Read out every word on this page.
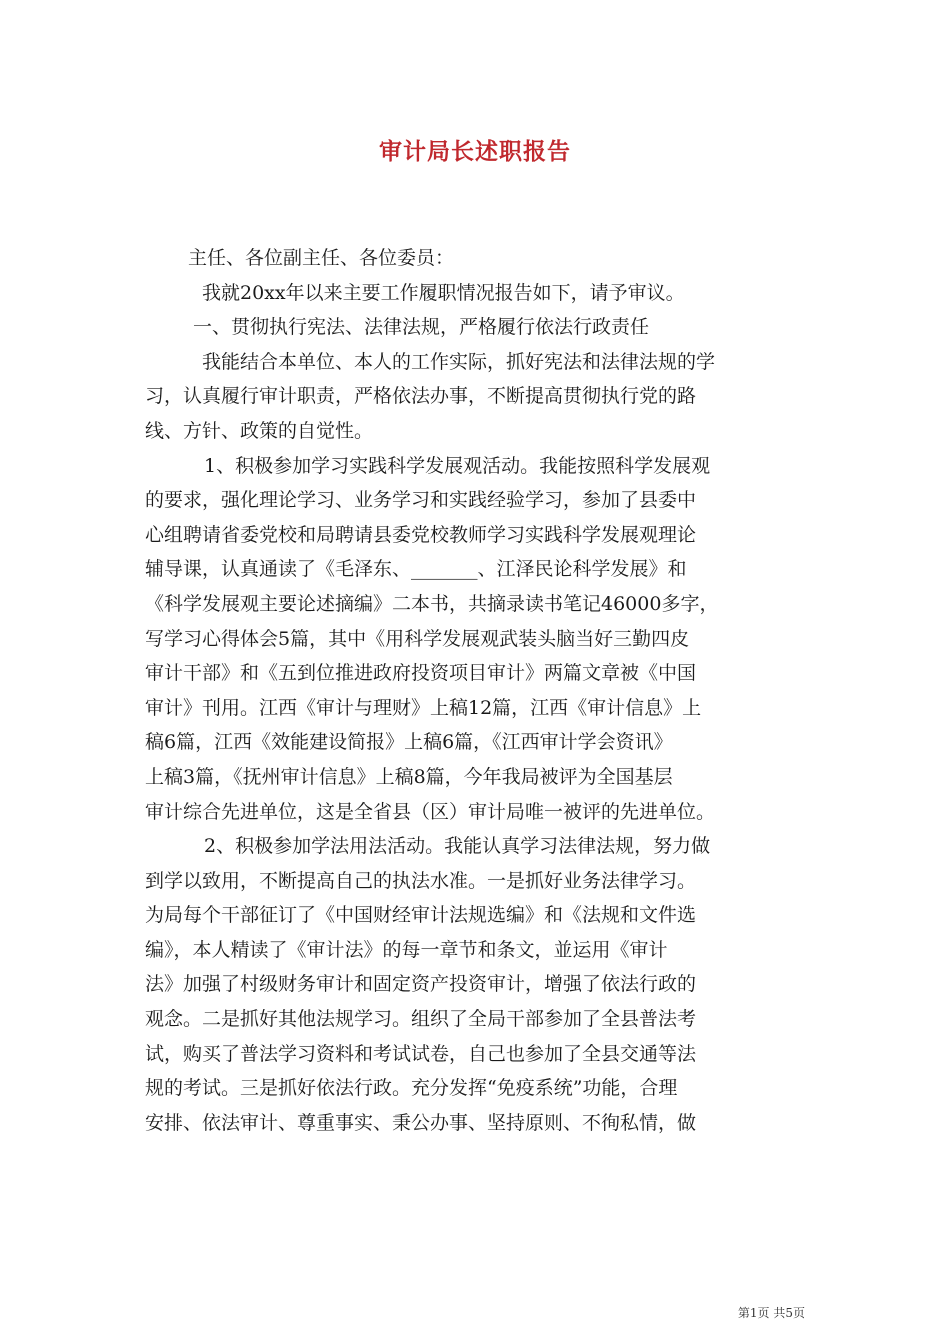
审计局长述职报告
主任、各位副主任、各位委员：
我就20xx年以来主要工作履职情况报告如下，请予审议。
一、贯彻执行宪法、法律法规，严格履行依法行政责任
我能结合本单位、本人的工作实际，抓好宪法和法律法规的学
习，认真履行审计职责，严格依法办事，不断提高贯彻执行党的路
线、方针、政策的自觉性。
1、积极参加学习实践科学发展观活动。我能按照科学发展观
的要求，强化理论学习、业务学习和实践经验学习，参加了县委中
心组聘请省委党校和局聘请县委党校教师学习实践科学发展观理论
辅导课，认真通读了《毛泽东、_______、江泽民论科学发展》和
《科学发展观主要论述摘编》二本书，共摘录读书笔记46000多字，
写学习心得体会5篇，其中《用科学发展观武装头脑当好三勤四皮
审计干部》和《五到位推进政府投资项目审计》两篇文章被《中国
审计》刊用。江西《审计与理财》上稿12篇，江西《审计信息》上
稿6篇，江西《效能建设简报》上稿6篇，《江西审计学会资讯》
上稿3篇，《抚州审计信息》上稿8篇，今年我局被评为全国基层
审计综合先进单位，这是全省县（区）审计局唯一被评的先进单位。
2、积极参加学法用法活动。我能认真学习法律法规，努力做
到学以致用，不断提高自己的执法水准。一是抓好业务法律学习。
为局每个干部征订了《中国财经审计法规选编》和《法规和文件选
编》，本人精读了《审计法》的每一章节和条文，並运用《审计
法》加强了村级财务审计和固定资产投资审计，增强了依法行政的
观念。二是抓好其他法规学习。组织了全局干部参加了全县普法考
试，购买了普法学习资料和考试试卷，自己也参加了全县交通等法
规的考试。三是抓好依法行政。充分发挥“免疫系统”功能，合理
安排、依法审计、尊重事实、秉公办事、坚持原则、不徇私情，做
第1页 共5页
